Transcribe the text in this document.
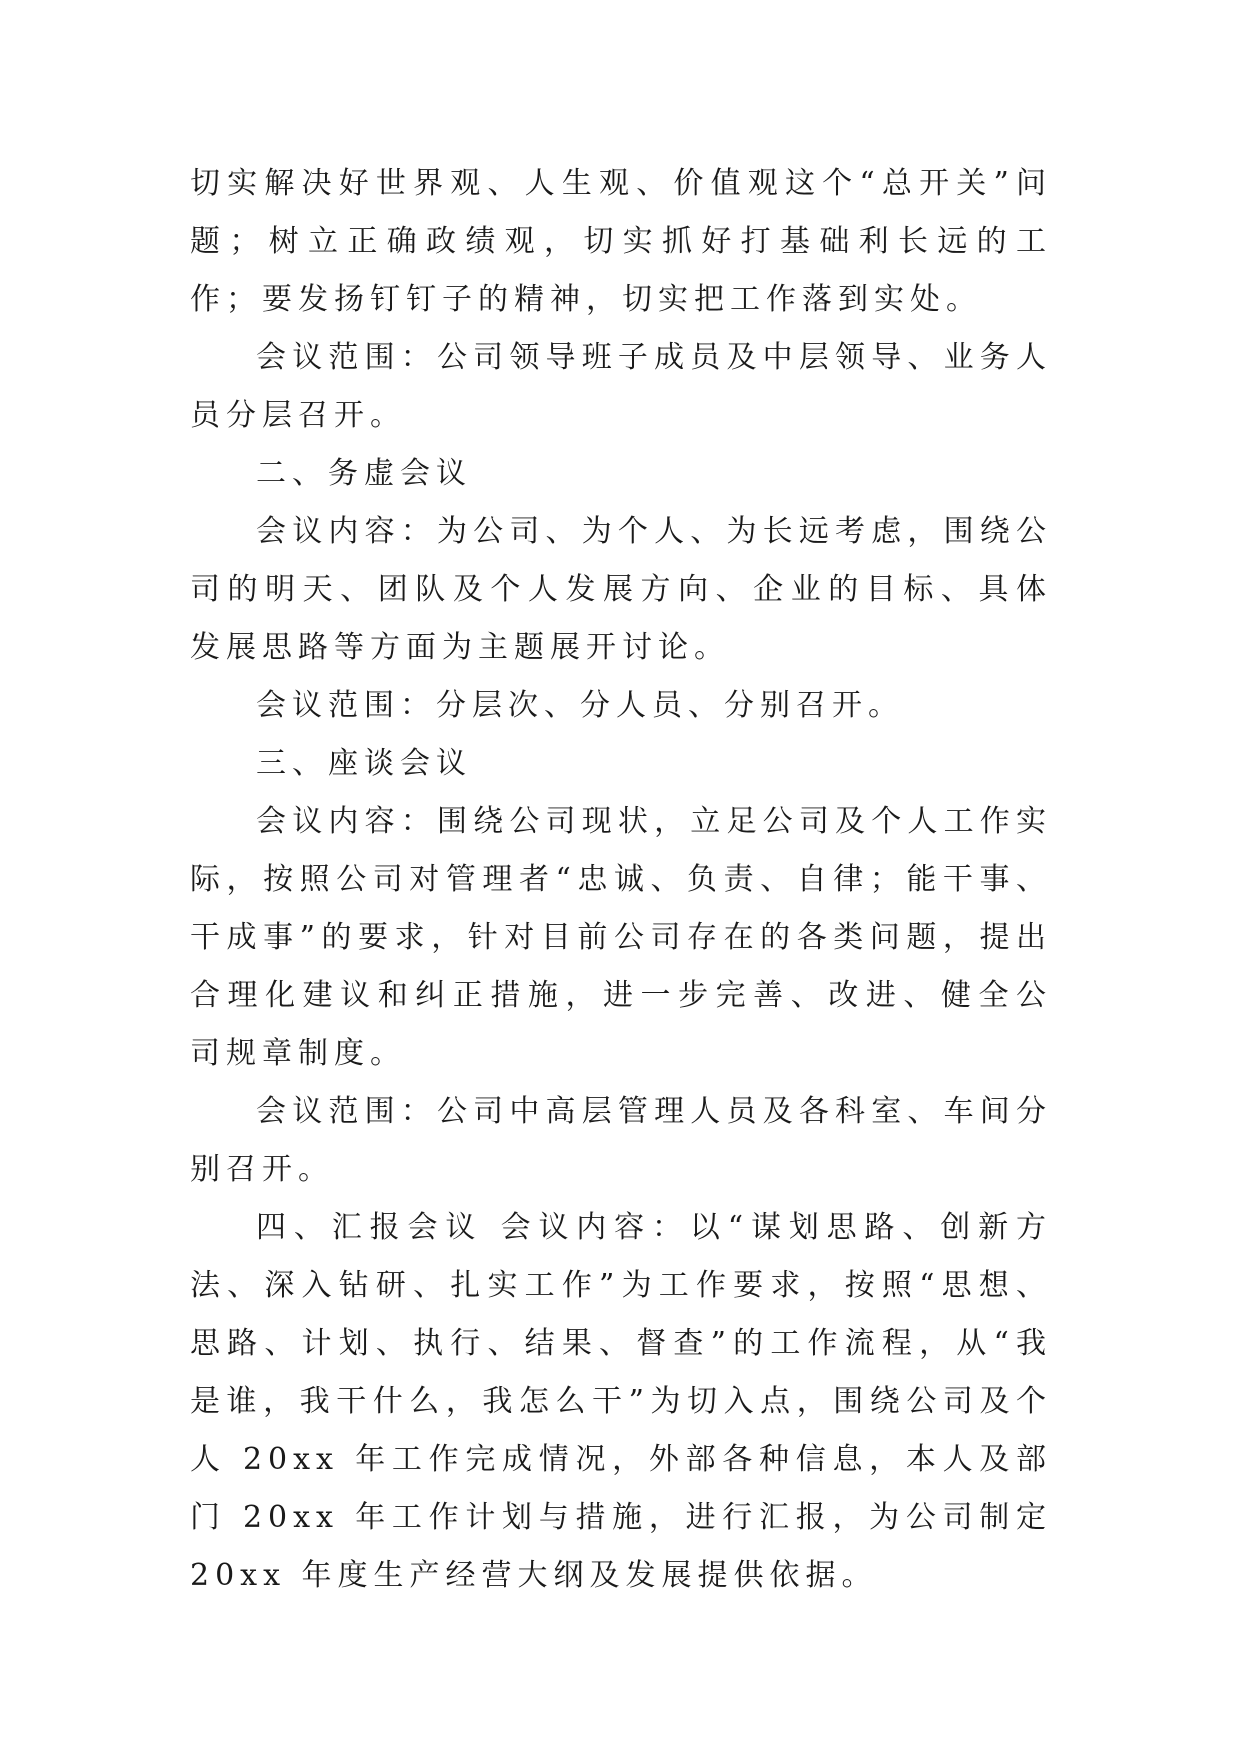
切实解决好世界观、人生观、价值观这个“总开关”问题；树立正确政绩观，切实抓好打基础利长远的工作；要发扬钉钉子的精神，切实把工作落到实处。

会议范围：公司领导班子成员及中层领导、业务人员分层召开。

二、务虚会议

会议内容：为公司、为个人、为长远考虑，围绕公司的明天、团队及个人发展方向、企业的目标、具体发展思路等方面为主题展开讨论。

会议范围：分层次、分人员、分别召开。

三、座谈会议

会议内容：围绕公司现状，立足公司及个人工作实际，按照公司对管理者“忠诚、负责、自律；能干事、干成事”的要求，针对目前公司存在的各类问题，提出合理化建议和纠正措施，进一步完善、改进、健全公司规章制度。

会议范围：公司中高层管理人员及各科室、车间分别召开。

四、汇报会议 会议内容：以“谋划思路、创新方法、深入钻研、扎实工作”为工作要求，按照“思想、思路、计划、执行、结果、督查”的工作流程，从“我是谁，我干什么，我怎么干”为切入点，围绕公司及个人 20xx 年工作完成情况，外部各种信息，本人及部门 20xx 年工作计划与措施，进行汇报，为公司制定 20xx 年度生产经营大纲及发展提供依据。
